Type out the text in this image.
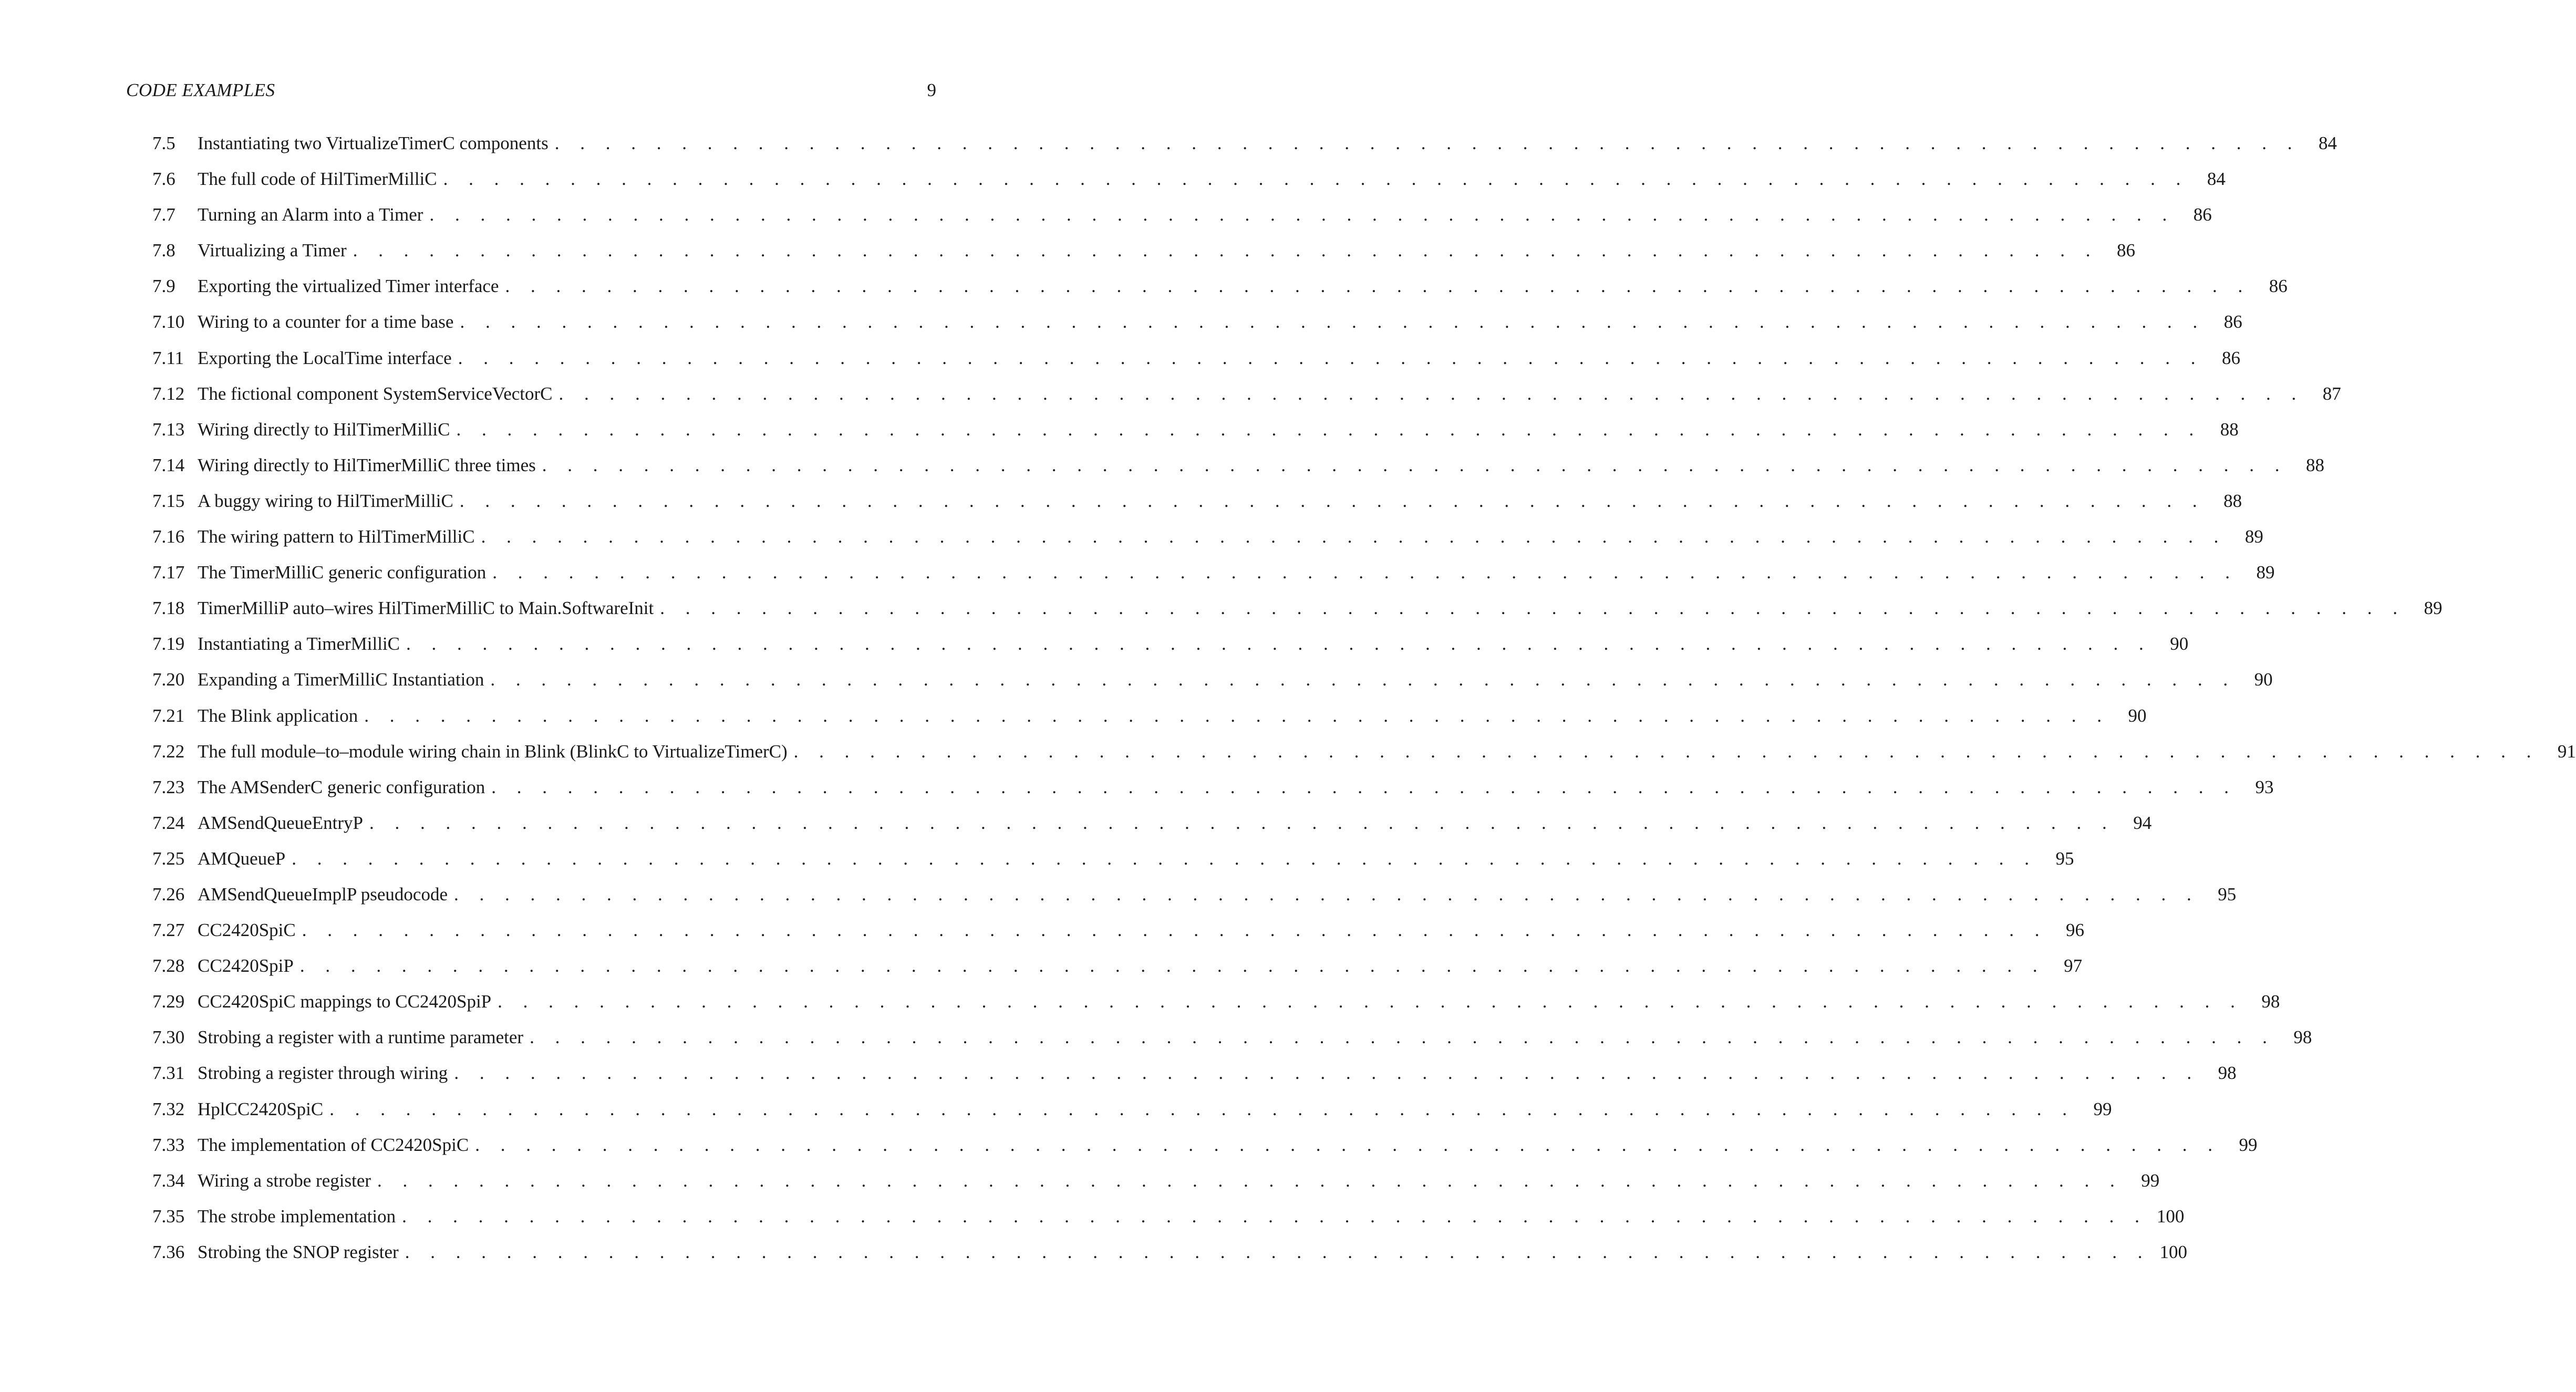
CODE EXAMPLES	9
7.5	Instantiating two VirtualizeTimerC components . . . . . . . . . . . . . . . . . . . . . . . . . . . . . . . . . . . . . . . . . . . . . . . . . . . . . . . . . . . . . . . . . . . . .	84
7.6	The full code of HilTimerMilliC . . . . . . . . . . . . . . . . . . . . . . . . . . . . . . . . . . . . . . . . . . . . . . . . . . . . . . . . . . . . . . . . . . . . .	84
7.7	Turning an Alarm into a Timer . . . . . . . . . . . . . . . . . . . . . . . . . . . . . . . . . . . . . . . . . . . . . . . . . . . . . . . . . . . . . . . . . . . . .	86
7.8	Virtualizing a Timer . . . . . . . . . . . . . . . . . . . . . . . . . . . . . . . . . . . . . . . . . . . . . . . . . . . . . . . . . . . . . . . . . . . . .	86
7.9	Exporting the virtualized Timer interface . . . . . . . . . . . . . . . . . . . . . . . . . . . . . . . . . . . . . . . . . . . . . . . . . . . . . . . . . . . . . . . . . . . . .	86
7.10 Wiring to a counter for a time base . . . . . . . . . . . . . . . . . . . . . . . . . . . . . . . . . . . . . . . . . . . . . . . . . . . . . . . . . . . . . . . . . . . . .	86
7.11 Exporting the LocalTime interface . . . . . . . . . . . . . . . . . . . . . . . . . . . . . . . . . . . . . . . . . . . . . . . . . . . . . . . . . . . . . . . . . . . . .	86
7.12 The fictional component SystemServiceVectorC . . . . . . . . . . . . . . . . . . . . . . . . . . . . . . . . . . . . . . . . . . . . . . . . . . . . . . . . . . . . . . . . . . . . .	87
7.13 Wiring directly to HilTimerMilliC . . . . . . . . . . . . . . . . . . . . . . . . . . . . . . . . . . . . . . . . . . . . . . . . . . . . . . . . . . . . . . . . . . . . .	88
7.14 Wiring directly to HilTimerMilliC three times . . . . . . . . . . . . . . . . . . . . . . . . . . . . . . . . . . . . . . . . . . . . . . . . . . . . . . . . . . . . . . . . . . . . .	88
7.15 A buggy wiring to HilTimerMilliC . . . . . . . . . . . . . . . . . . . . . . . . . . . . . . . . . . . . . . . . . . . . . . . . . . . . . . . . . . . . . . . . . . . . .	88
7.16 The wiring pattern to HilTimerMilliC . . . . . . . . . . . . . . . . . . . . . . . . . . . . . . . . . . . . . . . . . . . . . . . . . . . . . . . . . . . . . . . . . . . . .	89
7.17 The TimerMilliC generic configuration . . . . . . . . . . . . . . . . . . . . . . . . . . . . . . . . . . . . . . . . . . . . . . . . . . . . . . . . . . . . . . . . . . . . .	89
7.18 TimerMilliP auto–wires HilTimerMilliC to Main.SoftwareInit . . . . . . . . . . . . . . . . . . . . . . . . . . . . . . . . . . . . . . . . . . . . . . . . . . . . . . . . . . . . . . . . . . . . .	89
7.19 Instantiating a TimerMilliC . . . . . . . . . . . . . . . . . . . . . . . . . . . . . . . . . . . . . . . . . . . . . . . . . . . . . . . . . . . . . . . . . . . . .	90
7.20 Expanding a TimerMilliC Instantiation . . . . . . . . . . . . . . . . . . . . . . . . . . . . . . . . . . . . . . . . . . . . . . . . . . . . . . . . . . . . . . . . . . . . .	90
7.21 The Blink application . . . . . . . . . . . . . . . . . . . . . . . . . . . . . . . . . . . . . . . . . . . . . . . . . . . . . . . . . . . . . . . . . . . . .	90
7.22 The full module–to–module wiring chain in Blink (BlinkC to VirtualizeTimerC) . . . . . . . . . . . . . . . . . . . . . . . . . . . . . . . . . . . . . . . . . . . . . . . . . . . . . . . . . . . . . . . . . . . . .	91
7.23 The AMSenderC generic configuration . . . . . . . . . . . . . . . . . . . . . . . . . . . . . . . . . . . . . . . . . . . . . . . . . . . . . . . . . . . . . . . . . . . . .	93
7.24 AMSendQueueEntryP . . . . . . . . . . . . . . . . . . . . . . . . . . . . . . . . . . . . . . . . . . . . . . . . . . . . . . . . . . . . . . . . . . . . .	94
7.25 AMQueueP . . . . . . . . . . . . . . . . . . . . . . . . . . . . . . . . . . . . . . . . . . . . . . . . . . . . . . . . . . . . . . . . . . . . .	95
7.26 AMSendQueueImplP pseudocode . . . . . . . . . . . . . . . . . . . . . . . . . . . . . . . . . . . . . . . . . . . . . . . . . . . . . . . . . . . . . . . . . . . . .	95
7.27 CC2420SpiC . . . . . . . . . . . . . . . . . . . . . . . . . . . . . . . . . . . . . . . . . . . . . . . . . . . . . . . . . . . . . . . . . . . . .	96
7.28 CC2420SpiP . . . . . . . . . . . . . . . . . . . . . . . . . . . . . . . . . . . . . . . . . . . . . . . . . . . . . . . . . . . . . . . . . . . . .	97
7.29 CC2420SpiC mappings to CC2420SpiP . . . . . . . . . . . . . . . . . . . . . . . . . . . . . . . . . . . . . . . . . . . . . . . . . . . . . . . . . . . . . . . . . . . . .	98
7.30 Strobing a register with a runtime parameter . . . . . . . . . . . . . . . . . . . . . . . . . . . . . . . . . . . . . . . . . . . . . . . . . . . . . . . . . . . . . . . . . . . . .	98
7.31 Strobing a register through wiring . . . . . . . . . . . . . . . . . . . . . . . . . . . . . . . . . . . . . . . . . . . . . . . . . . . . . . . . . . . . . . . . . . . . .	98
7.32 HplCC2420SpiC . . . . . . . . . . . . . . . . . . . . . . . . . . . . . . . . . . . . . . . . . . . . . . . . . . . . . . . . . . . . . . . . . . . . .	99
7.33 The implementation of CC2420SpiC . . . . . . . . . . . . . . . . . . . . . . . . . . . . . . . . . . . . . . . . . . . . . . . . . . . . . . . . . . . . . . . . . . . . .	99
7.34 Wiring a strobe register . . . . . . . . . . . . . . . . . . . . . . . . . . . . . . . . . . . . . . . . . . . . . . . . . . . . . . . . . . . . . . . . . . . . .	99
7.35 The strobe implementation . . . . . . . . . . . . . . . . . . . . . . . . . . . . . . . . . . . . . . . . . . . . . . . . . . . . . . . . . . . . . . . . . . . . . 100
7.36 Strobing the SNOP register . . . . . . . . . . . . . . . . . . . . . . . . . . . . . . . . . . . . . . . . . . . . . . . . . . . . . . . . . . . . . . . . . . . . . 100
